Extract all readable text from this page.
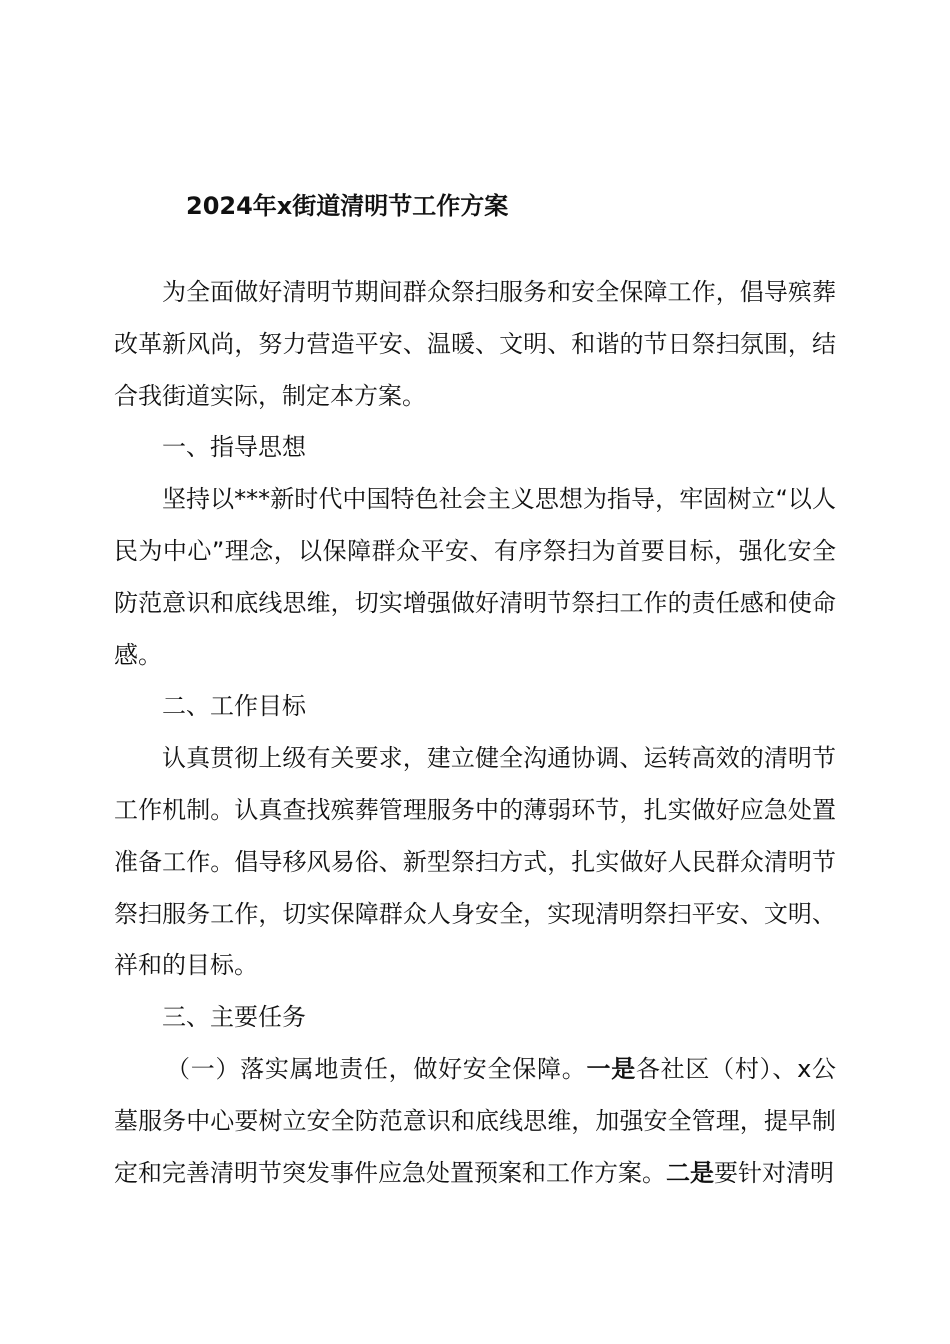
2024年x街道清明节工作方案

为全面做好清明节期间群众祭扫服务和安全保障工作，倡导殡葬改革新风尚，努力营造平安、温暖、文明、和谐的节日祭扫氛围，结合我街道实际，制定本方案。

一、指导思想

坚持以***新时代中国特色社会主义思想为指导，牢固树立“以人民为中心”理念，以保障群众平安、有序祭扫为首要目标，强化安全防范意识和底线思维，切实增强做好清明节祭扫工作的责任感和使命感。

二、工作目标

认真贯彻上级有关要求，建立健全沟通协调、运转高效的清明节工作机制。认真查找殡葬管理服务中的薄弱环节，扎实做好应急处置准备工作。倡导移风易俗、新型祭扫方式，扎实做好人民群众清明节祭扫服务工作，切实保障群众人身安全，实现清明祭扫平安、文明、祥和的目标。

三、主要任务

（一）落实属地责任，做好安全保障。一是各社区（村）、x公墓服务中心要树立安全防范意识和底线思维，加强安全管理，提早制定和完善清明节突发事件应急处置预案和工作方案。二是要针对清明
